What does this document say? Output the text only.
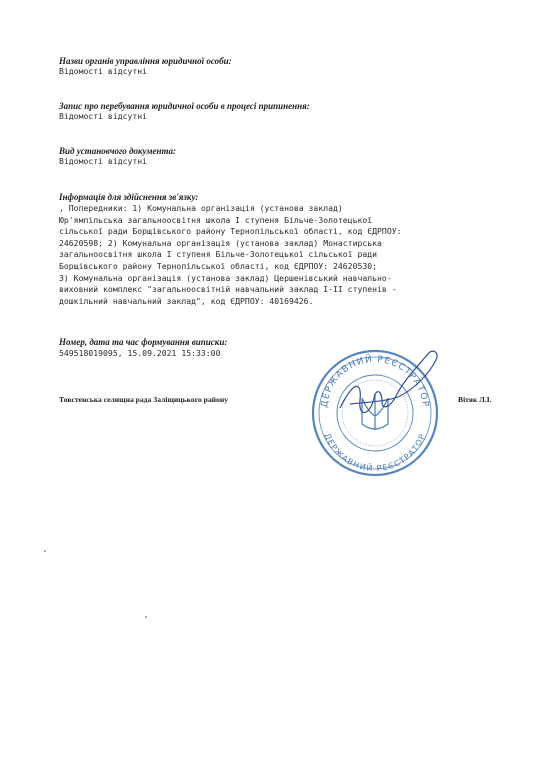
Назви органів управління юридичної особи:
Відомості відсутні
Запис про перебування юридичної особи в процесі припинення:
Відомості відсутні
Вид установчого документа:
Відомості відсутні
Інформація для здійснення зв'язку:
, Попередники: 1) Комунальна організація (установа заклад)
Юр'ямпільська загальноосвітня школа І ступеня Більче-Золотецької
сільської ради Борщівського району Тернопільської області, код ЄДРПОУ:
24620598; 2) Комунальна організація (установа заклад) Монастирська
загальноосвітня школа І ступеня Більче-Золотецької сільської ради
Борщівського району Тернопільської області, код ЄДРПОУ: 24620530;
3) Комунальна організація (установа заклад) Цершенівський навчально-
виховний комплекс "загальноосвітній навчальний заклад І-ІІ ступенів -
дошкільний навчальний заклад", код ЄДРПОУ: 40169426.
Номер, дата та час формування виписки:
549518019095, 15.09.2021 15:33:00
ДЕРЖАВНИЙ РЕЄСТРАТОР
ДЕРЖАВНИЙ РЕЄСТРАТОР
Товстенська селищна рада Заліщицького району	Вітяк Л.І.
